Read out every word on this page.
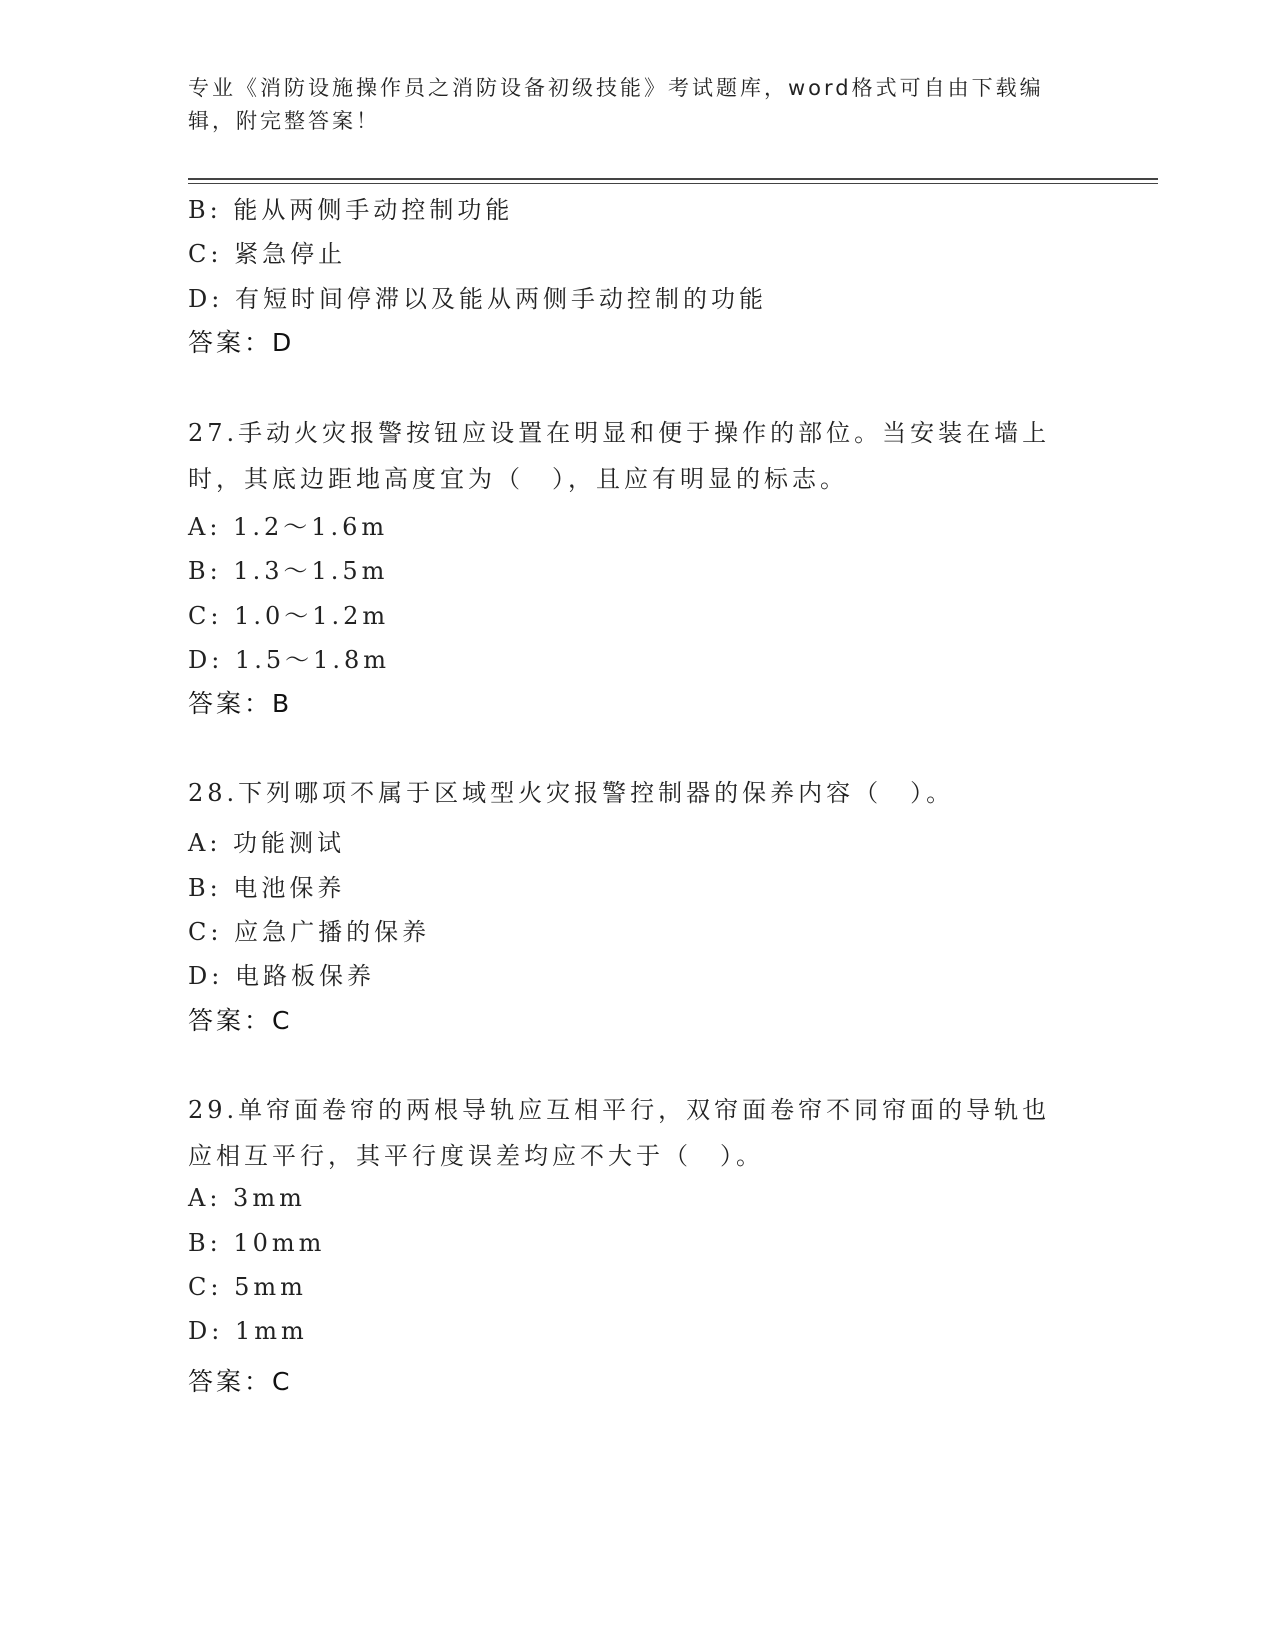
专业《消防设施操作员之消防设备初级技能》考试题库，word格式可自由下载编辑，附完整答案！
B: 能从两侧手动控制功能
C: 紧急停止
D: 有短时间停滞以及能从两侧手动控制的功能
答案：D
27.手动火灾报警按钮应设置在明显和便于操作的部位。当安装在墙上时，其底边距地高度宜为（　），且应有明显的标志。
A: 1.2～1.6m
B: 1.3～1.5m
C: 1.0～1.2m
D: 1.5～1.8m
答案：B
28.下列哪项不属于区域型火灾报警控制器的保养内容（　）。
A: 功能测试
B: 电池保养
C: 应急广播的保养
D: 电路板保养
答案：C
29.单帘面卷帘的两根导轨应互相平行，双帘面卷帘不同帘面的导轨也应相互平行，其平行度误差均应不大于（　）。
A: 3mm
B: 10mm
C: 5mm
D: 1mm
答案：C
